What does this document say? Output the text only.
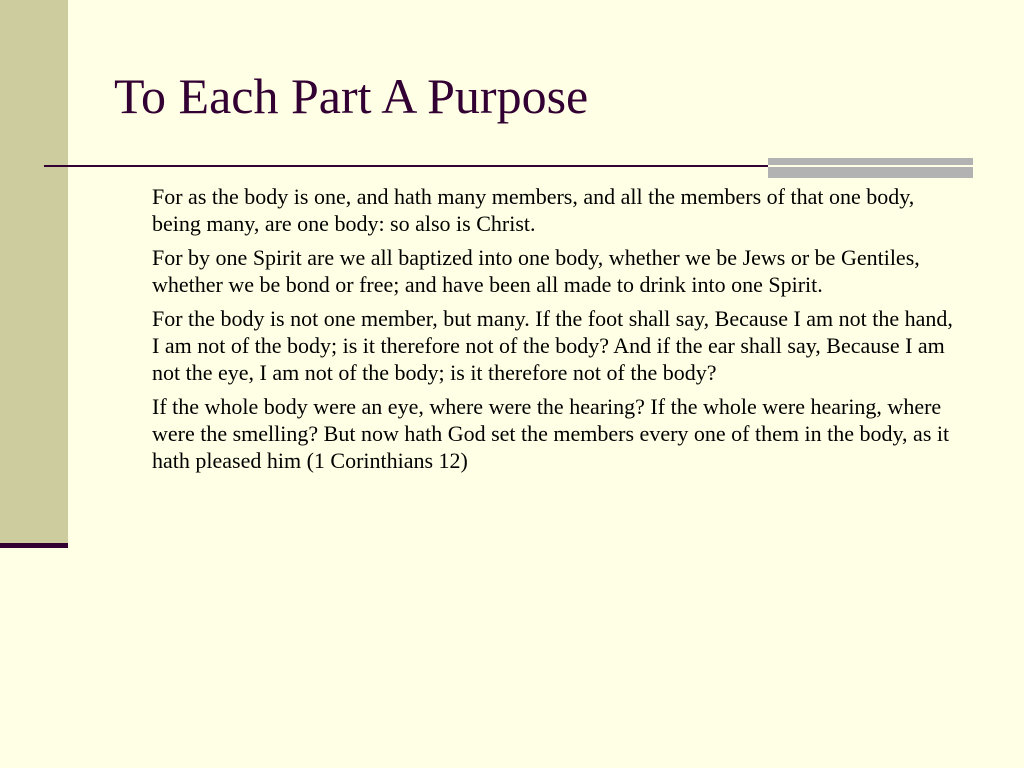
To Each Part A Purpose

For as the body is one, and hath many members, and all the members of that one body, being many, are one body: so also is Christ.

For by one Spirit are we all baptized into one body, whether we be Jews or be Gentiles, whether we be bond or free; and have been all made to drink into one Spirit.

For the body is not one member, but many. If the foot shall say, Because I am not the hand, I am not of the body; is it therefore not of the body? And if the ear shall say, Because I am not the eye, I am not of the body; is it therefore not of the body?

If the whole body were an eye, where were the hearing? If the whole were hearing, where were the smelling? But now hath God set the members every one of them in the body, as it hath pleased him (1 Corinthians 12)
